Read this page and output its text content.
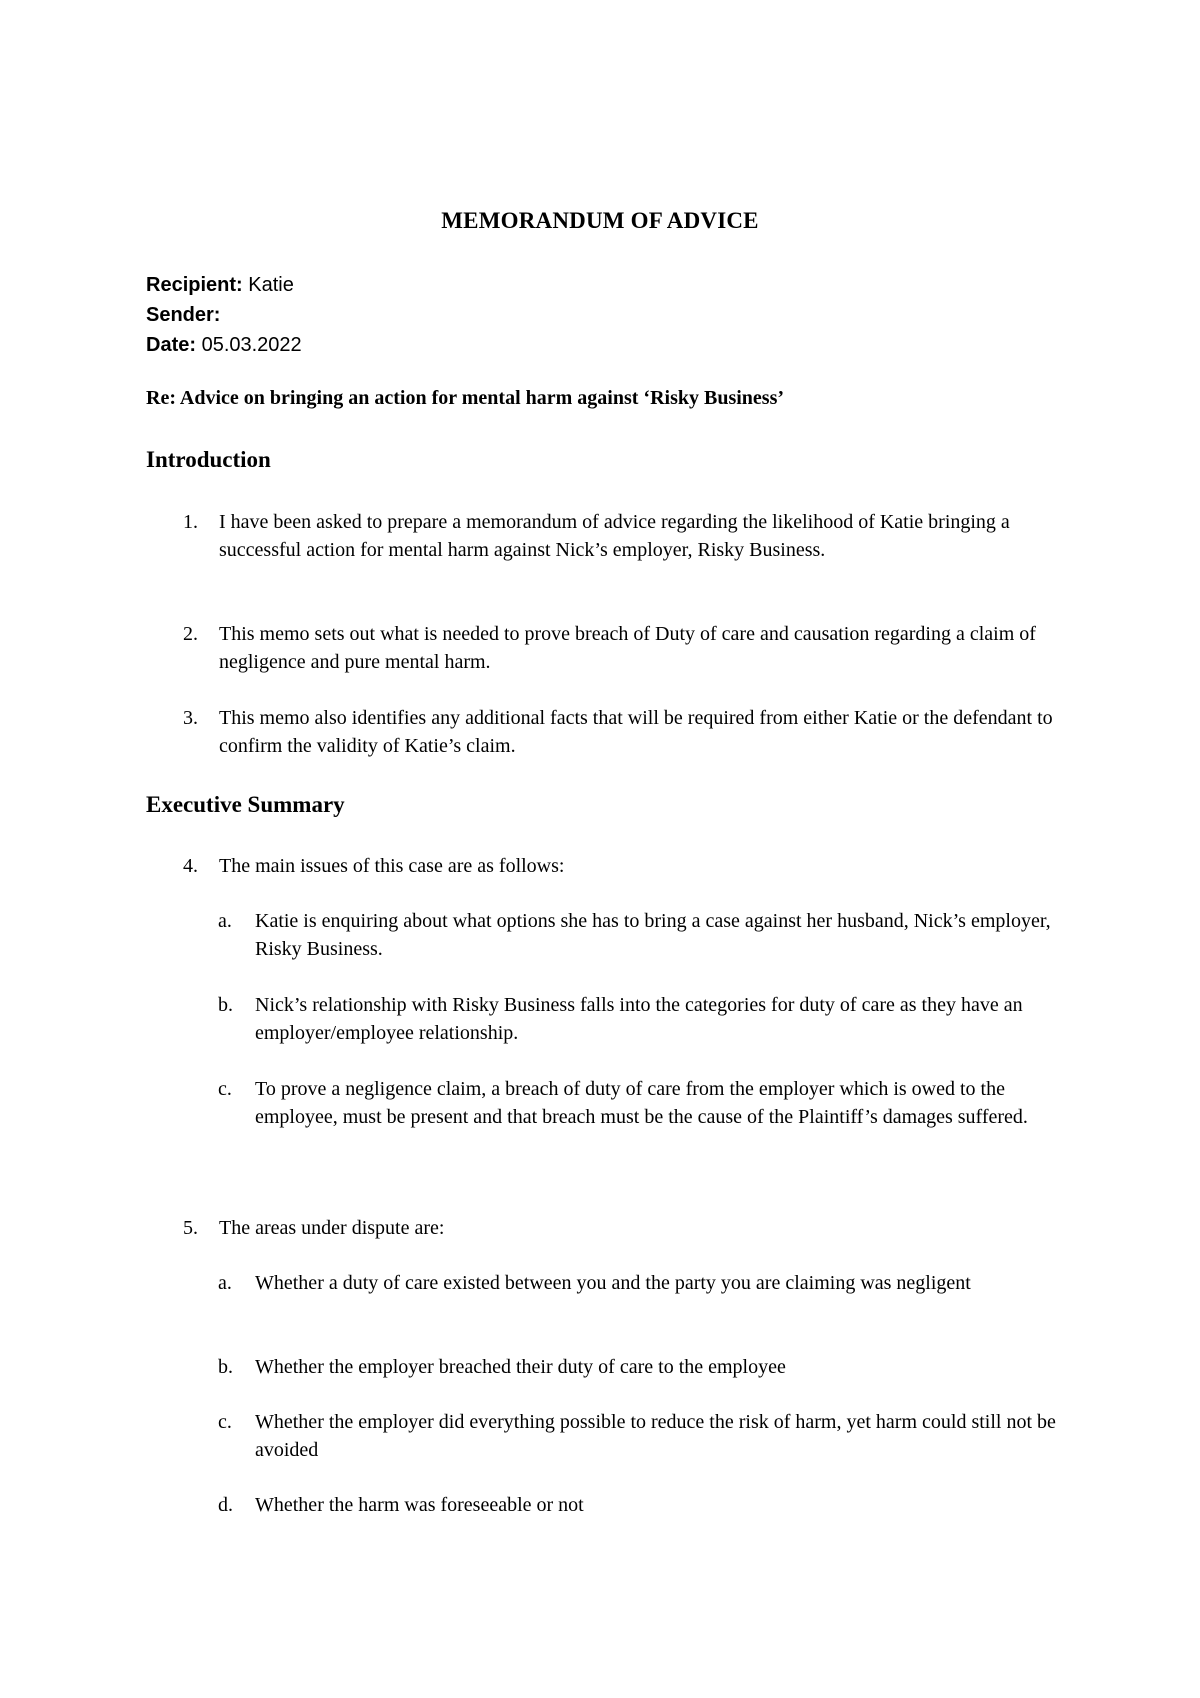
MEMORANDUM OF ADVICE
Recipient: Katie
Sender:
Date: 05.03.2022
Re: Advice on bringing an action for mental harm against ‘Risky Business’
Introduction
1. I have been asked to prepare a memorandum of advice regarding the likelihood of Katie bringing a successful action for mental harm against Nick’s employer, Risky Business.
2. This memo sets out what is needed to prove breach of Duty of care and causation regarding a claim of negligence and pure mental harm.
3. This memo also identifies any additional facts that will be required from either Katie or the defendant to confirm the validity of Katie’s claim.
Executive Summary
4. The main issues of this case are as follows:
a. Katie is enquiring about what options she has to bring a case against her husband, Nick’s employer, Risky Business.
b. Nick’s relationship with Risky Business falls into the categories for duty of care as they have an employer/employee relationship.
c. To prove a negligence claim, a breach of duty of care from the employer which is owed to the employee, must be present and that breach must be the cause of the Plaintiff’s damages suffered.
5. The areas under dispute are:
a. Whether a duty of care existed between you and the party you are claiming was negligent
b. Whether the employer breached their duty of care to the employee
c. Whether the employer did everything possible to reduce the risk of harm, yet harm could still not be avoided
d. Whether the harm was foreseeable or not
